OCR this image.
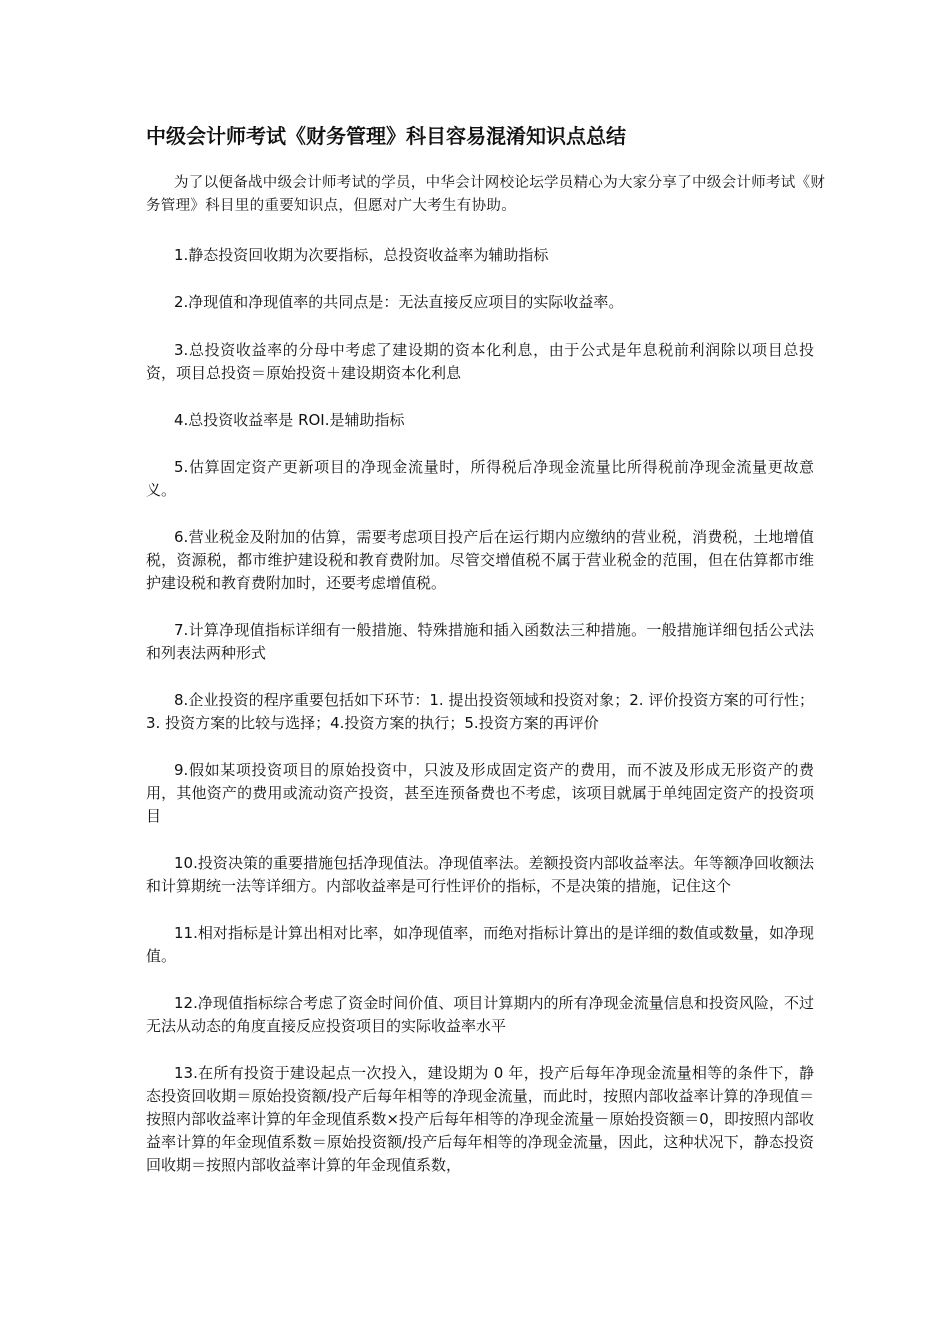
中级会计师考试《财务管理》科目容易混淆知识点总结

为了以便备战中级会计师考试的学员，中华会计网校论坛学员精心为大家分享了中级会计师考试《财务管理》科目里的重要知识点，但愿对广大考生有协助。

1.静态投资回收期为次要指标，总投资收益率为辅助指标

2.净现值和净现值率的共同点是：无法直接反应项目的实际收益率。

3.总投资收益率的分母中考虑了建设期的资本化利息，由于公式是年息税前利润除以项目总投资，项目总投资＝原始投资＋建设期资本化利息

4.总投资收益率是 ROI.是辅助指标

5.估算固定资产更新项目的净现金流量时，所得税后净现金流量比所得税前净现金流量更故意义。

6.营业税金及附加的估算，需要考虑项目投产后在运行期内应缴纳的营业税，消费税，土地增值税，资源税，都市维护建设税和教育费附加。尽管交增值税不属于营业税金的范围，但在估算都市维护建设税和教育费附加时，还要考虑增值税。

7.计算净现值指标详细有一般措施、特殊措施和插入函数法三种措施。一般措施详细包括公式法和列表法两种形式

8.企业投资的程序重要包括如下环节：1. 提出投资领域和投资对象；2. 评价投资方案的可行性；3. 投资方案的比较与选择；4.投资方案的执行；5.投资方案的再评价

9.假如某项投资项目的原始投资中，只波及形成固定资产的费用，而不波及形成无形资产的费用，其他资产的费用或流动资产投资，甚至连预备费也不考虑，该项目就属于单纯固定资产的投资项目

10.投资决策的重要措施包括净现值法。净现值率法。差额投资内部收益率法。年等额净回收额法和计算期统一法等详细方。内部收益率是可行性评价的指标，不是决策的措施，记住这个

11.相对指标是计算出相对比率，如净现值率，而绝对指标计算出的是详细的数值或数量，如净现值。

12.净现值指标综合考虑了资金时间价值、项目计算期内的所有净现金流量信息和投资风险，不过无法从动态的角度直接反应投资项目的实际收益率水平

13.在所有投资于建设起点一次投入，建设期为 0 年，投产后每年净现金流量相等的条件下，静态投资回收期＝原始投资额/投产后每年相等的净现金流量，而此时，按照内部收益率计算的净现值＝按照内部收益率计算的年金现值系数×投产后每年相等的净现金流量－原始投资额＝0，即按照内部收益率计算的年金现值系数＝原始投资额/投产后每年相等的净现金流量，因此，这种状况下，静态投资回收期＝按照内部收益率计算的年金现值系数，
